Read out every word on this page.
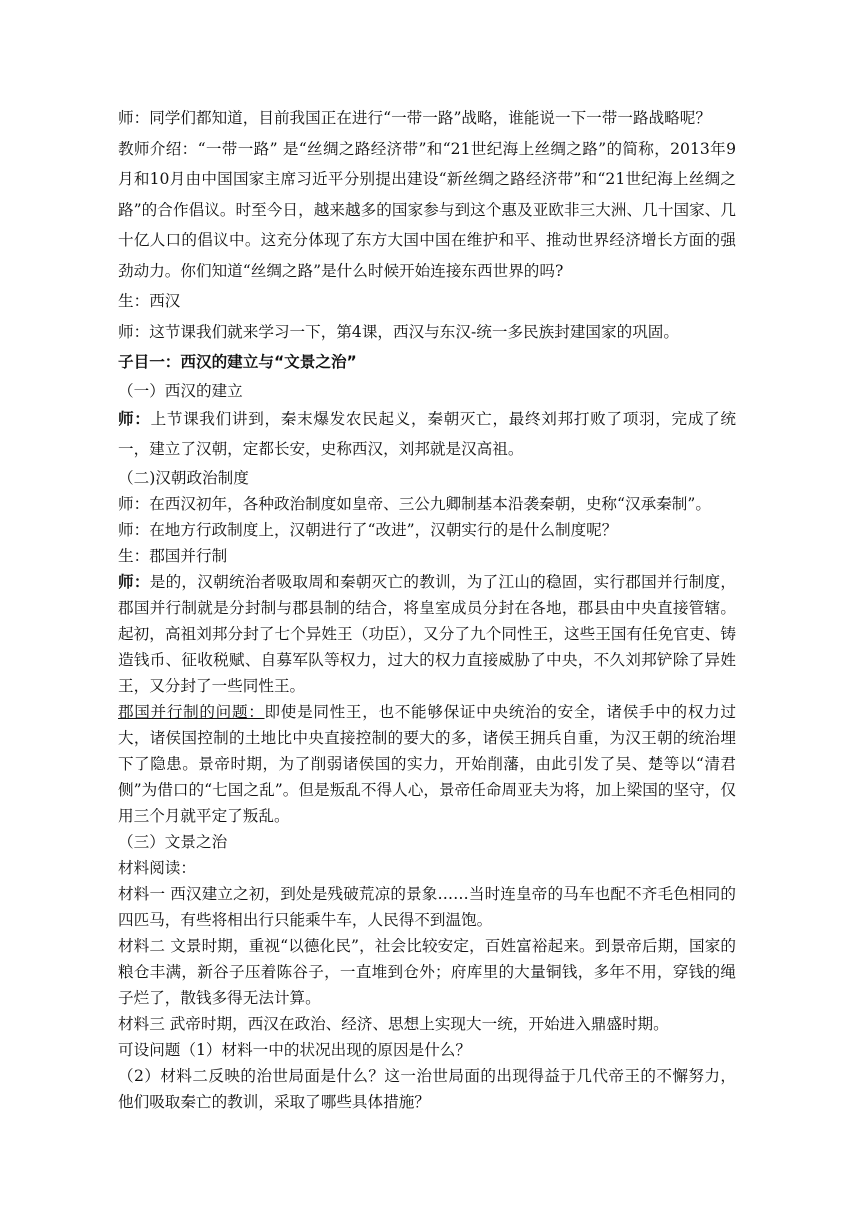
师：同学们都知道，目前我国正在进行“一带一路”战略，谁能说一下一带一路战略呢？

教师介绍：“一带一路” 是“丝绸之路经济带”和“21世纪海上丝绸之路”的简称，2013年9月和10月由中国国家主席习近平分别提出建设“新丝绸之路经济带”和“21世纪海上丝绸之路”的合作倡议。时至今日，越来越多的国家参与到这个惠及亚欧非三大洲、几十国家、几十亿人口的倡议中。这充分体现了东方大国中国在维护和平、推动世界经济增长方面的强劲动力。你们知道“丝绸之路”是什么时候开始连接东西世界的吗?

生：西汉

师：这节课我们就来学习一下，第4课，西汉与东汉-统一多民族封建国家的巩固。

子目一：西汉的建立与“文景之治”

（一）西汉的建立

师：上节课我们讲到，秦末爆发农民起义，秦朝灭亡，最终刘邦打败了项羽，完成了统一，建立了汉朝，定都长安，史称西汉，刘邦就是汉高祖。

（二)汉朝政治制度

师：在西汉初年，各种政治制度如皇帝、三公九卿制基本沿袭秦朝，史称“汉承秦制”。

师：在地方行政制度上，汉朝进行了“改进”，汉朝实行的是什么制度呢？

生：郡国并行制

师：是的，汉朝统治者吸取周和秦朝灭亡的教训，为了江山的稳固，实行郡国并行制度，郡国并行制就是分封制与郡县制的结合，将皇室成员分封在各地，郡县由中央直接管辖。起初，高祖刘邦分封了七个异姓王（功臣），又分了九个同性王，这些王国有任免官吏、铸造钱币、征收税赋、自募军队等权力，过大的权力直接威胁了中央，不久刘邦铲除了异姓王，又分封了一些同性王。

郡国并行制的问题：即使是同性王，也不能够保证中央统治的安全，诸侯手中的权力过大，诸侯国控制的土地比中央直接控制的要大的多，诸侯王拥兵自重，为汉王朝的统治埋下了隐患。景帝时期，为了削弱诸侯国的实力，开始削藩，由此引发了吴、楚等以“清君侧”为借口的“七国之乱”。但是叛乱不得人心，景帝任命周亚夫为将，加上梁国的坚守，仅用三个月就平定了叛乱。

（三）文景之治

材料阅读：

材料一 西汉建立之初，到处是残破荒凉的景象……当时连皇帝的马车也配不齐毛色相同的四匹马，有些将相出行只能乘牛车，人民得不到温饱。

材料二 文景时期，重视“以德化民”，社会比较安定，百姓富裕起来。到景帝后期，国家的粮仓丰满，新谷子压着陈谷子，一直堆到仓外；府库里的大量铜钱，多年不用，穿钱的绳子烂了，散钱多得无法计算。

材料三 武帝时期，西汉在政治、经济、思想上实现大一统，开始进入鼎盛时期。

可设问题（1）材料一中的状况出现的原因是什么？

（2）材料二反映的治世局面是什么？这一治世局面的出现得益于几代帝王的不懈努力，他们吸取秦亡的教训，采取了哪些具体措施？
